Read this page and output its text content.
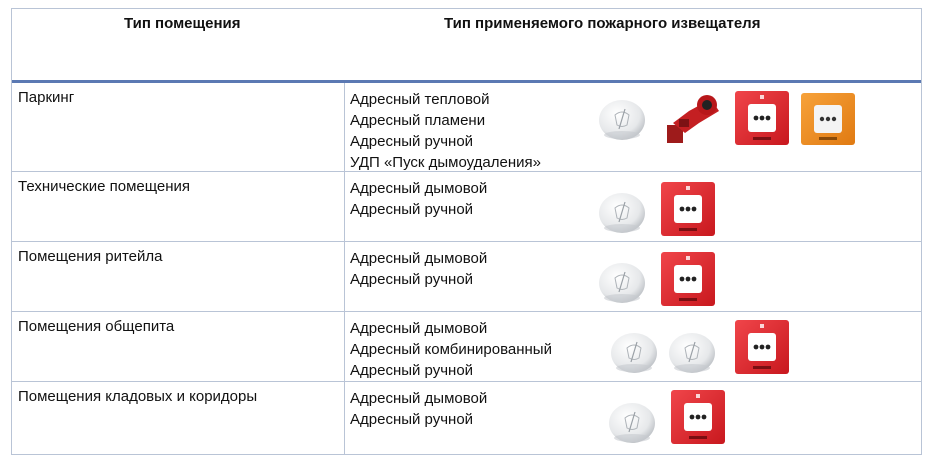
Тип помещения	Тип применяемого пожарного извещателя
Паркинг	Адресный тепловой
Адресный пламени
Адресный ручной
УДП «Пуск дымоудаления»
Технические помещения	Адресный дымовой
Адресный ручной
Помещения ритейла	Адресный дымовой
Адресный ручной
Помещения общепита	Адресный дымовой
Адресный комбинированный
Адресный ручной
Помещения кладовых и коридоры	Адресный дымовой
Адресный ручной
